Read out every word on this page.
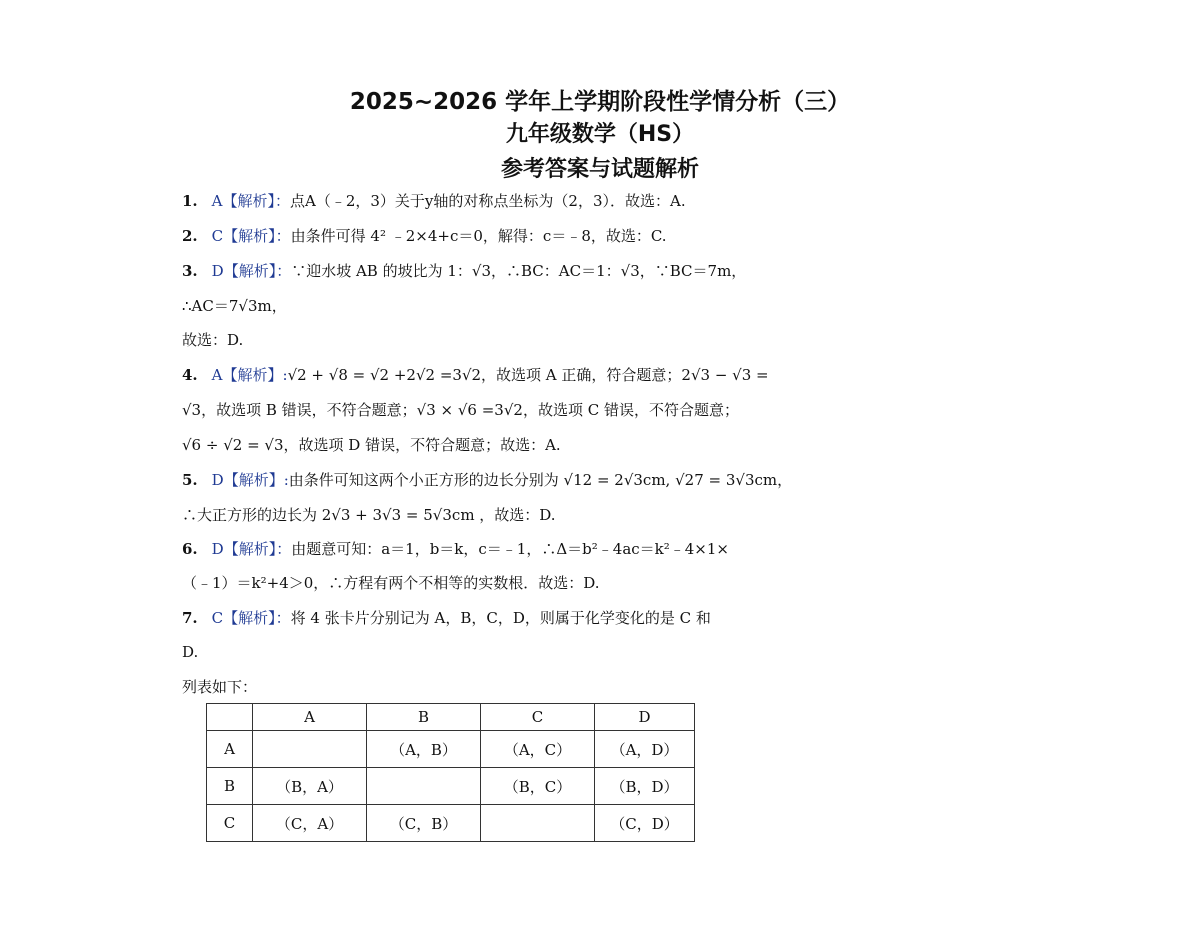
2025~2026 学年上学期阶段性学情分析（三）
九年级数学（HS）
参考答案与试题解析
1. A【解析】：点A（﹣2，3）关于y轴的对称点坐标为（2，3）．故选：A.
2. C【解析】：由条件可得 4² ﹣2×4+c＝0，解得：c＝﹣8，故选：C.
3. D【解析】：∵迎水坡 AB 的坡比为 1：√3，∴BC：AC＝1：√3，∵BC＝7m，
∴AC＝7√3m，
故选：D.
4. A【解析】:√2 + √8 = √2 +2√2 =3√2，故选项 A 正确，符合题意；2√3 − √3 =
√3，故选项 B 错误，不符合题意；√3 × √6 =3√2，故选项 C 错误，不符合题意；
√6 ÷ √2 = √3，故选项 D 错误，不符合题意；故选：A.
5. D【解析】:由条件可知这两个小正方形的边长分别为 √12 = 2√3cm, √27 = 3√3cm，
∴大正方形的边长为 2√3 + 3√3 = 5√3cm ，故选：D.
6. D【解析】：由题意可知：a＝1，b＝k，c＝﹣1，∴Δ＝b²﹣4ac＝k²﹣4×1×
（﹣1）＝k²+4＞0，∴方程有两个不相等的实数根．故选：D.
7. C【解析】：将 4 张卡片分别记为 A，B，C，D，则属于化学变化的是 C 和
D.
列表如下：
	A	B	C	D
A		（A，B）	（A，C）	（A，D）
B	（B，A）		（B，C）	（B，D）
C	（C，A）	（C，B）		（C，D）
